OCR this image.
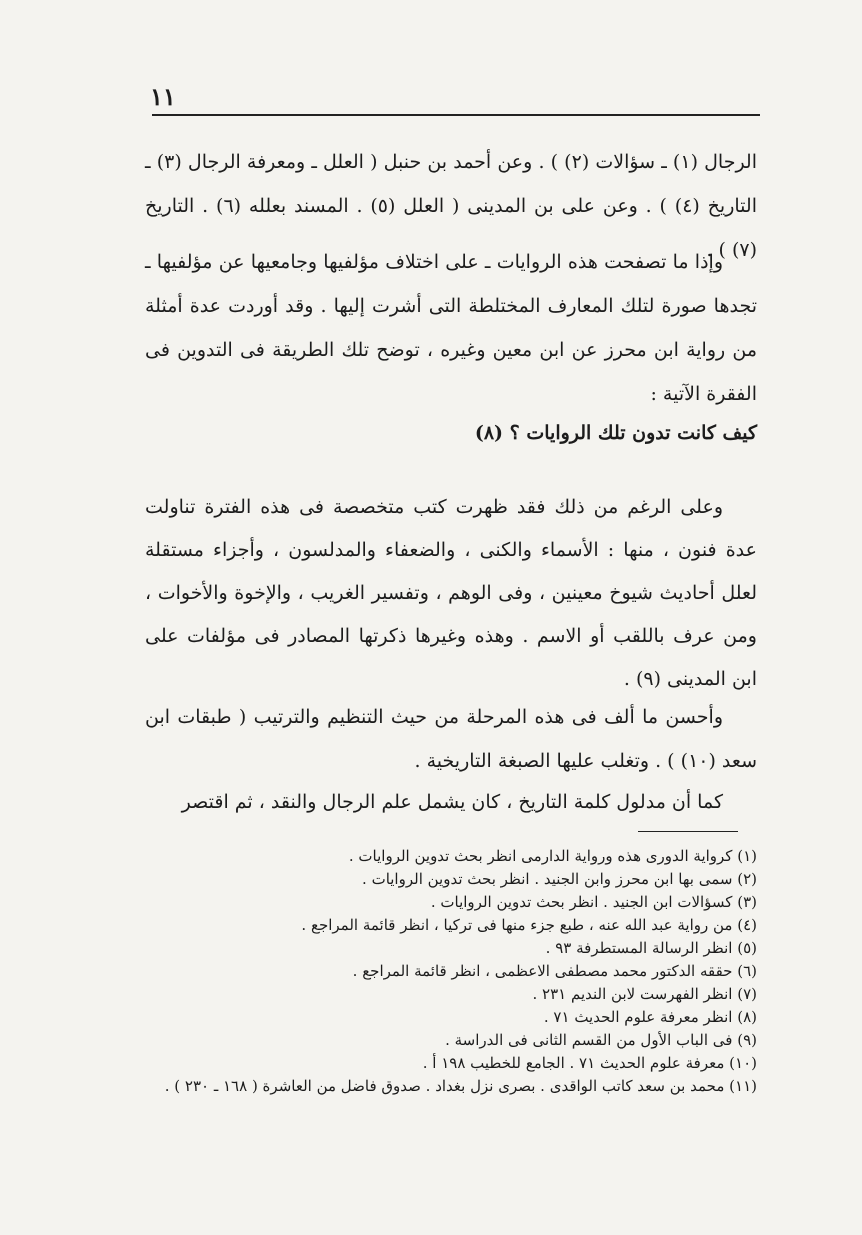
١١

الرجال (١) ـ سؤالات (٢) ) . وعن أحمد بن حنبل ( العلل ـ ومعرفة الرجال (٣) ـ التاريخ (٤) ) . وعن على بن المدينى ( العلل (٥) . المسند بعلله (٦) . التاريخ (٧) ) .

وإذا ما تصفحت هذه الروايات ـ على اختلاف مؤلفيها وجامعيها عن مؤلفيها ـ تجدها صورة لتلك المعارف المختلطة التى أشرت إليها . وقد أوردت عدة أمثلة من رواية ابن محرز عن ابن معين وغيره ، توضح تلك الطريقة فى التدوين فى الفقرة الآتية :

كيف كانت تدون تلك الروايات ؟ (٨)

وعلى الرغم من ذلك فقد ظهرت كتب متخصصة فى هذه الفترة تناولت عدة فنون ، منها : الأسماء والكنى ، والضعفاء والمدلسون ، وأجزاء مستقلة لعلل أحاديث شيوخ معينين ، وفى الوهم ، وتفسير الغريب ، والإخوة والأخوات ، ومن عرف باللقب أو الاسم . وهذه وغيرها ذكرتها المصادر فى مؤلفات على ابن المدينى (٩) .

وأحسن ما ألف فى هذه المرحلة من حيث التنظيم والترتيب ( طبقات ابن سعد (١٠) ) . وتغلب عليها الصبغة التاريخية .

كما أن مدلول كلمة التاريخ ، كان يشمل علم الرجال والنقد ، ثم اقتصر

(١) كرواية الدورى هذه ورواية الدارمى انظر بحث تدوين الروايات .
(٢) سمى بها ابن محرز وابن الجنيد . انظر بحث تدوين الروايات .
(٣) كسؤالات ابن الجنيد . انظر بحث تدوين الروايات .
(٤) من رواية عبد الله عنه ، طبع جزء منها فى تركيا ، انظر قائمة المراجع .
(٥) انظر الرسالة المستطرفة ٩٣ .
(٦) حققه الدكتور محمد مصطفى الاعظمى ، انظر قائمة المراجع .
(٧) انظر الفهرست لابن النديم ٢٣١ .
(٨) انظر معرفة علوم الحديث ٧١ .
(٩) فى الباب الأول من القسم الثانى فى الدراسة .
(١٠) معرفة علوم الحديث ٧١ . الجامع للخطيب ١٩٨ أ .
(١١) محمد بن سعد كاتب الواقدى . بصرى نزل بغداد . صدوق فاضل من العاشرة ( ١٦٨ ـ ٢٣٠ ) .
